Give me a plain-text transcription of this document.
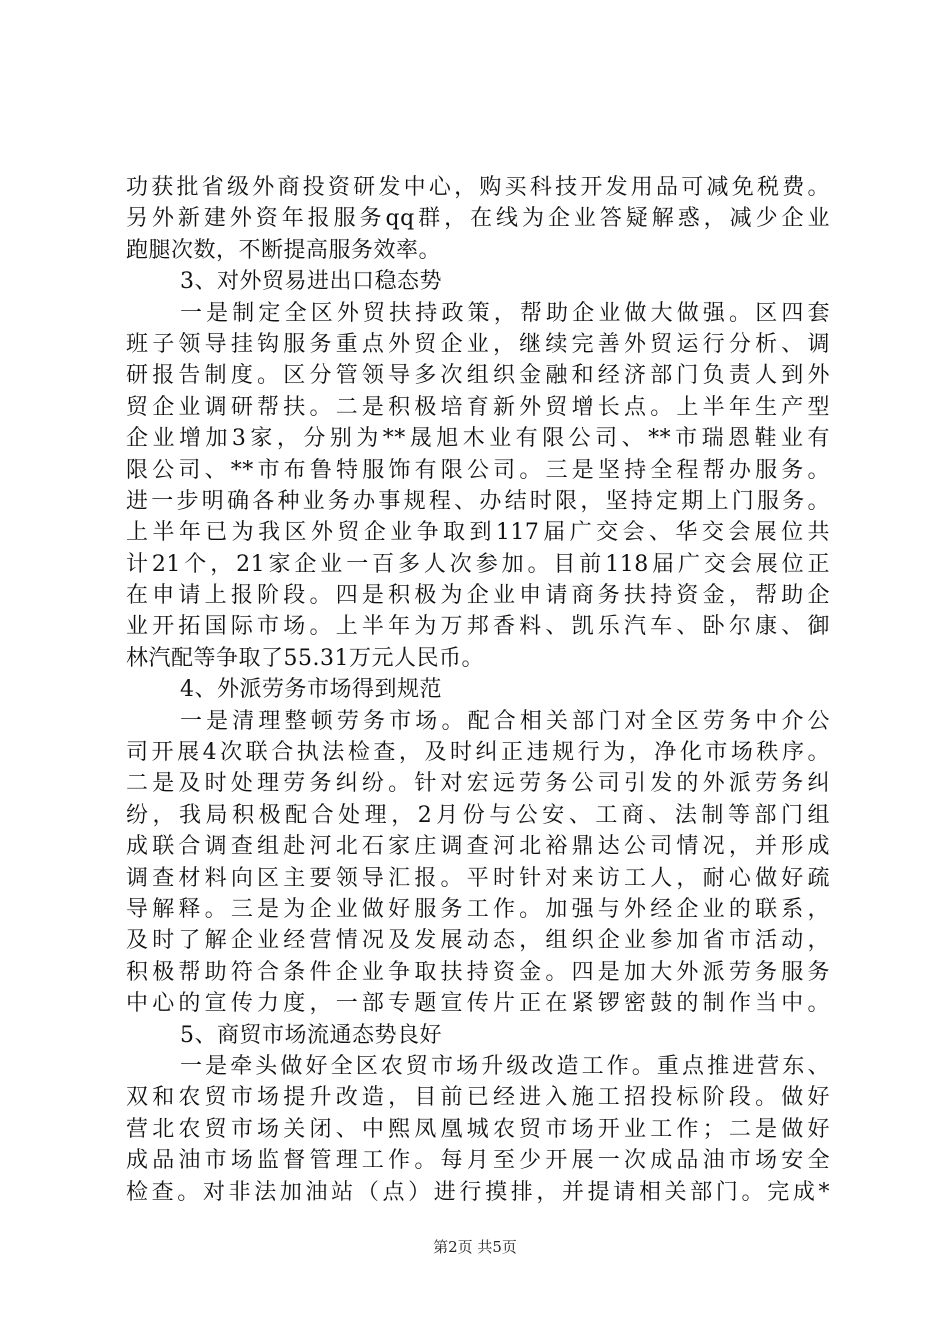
功获批省级外商投资研发中心，购买科技开发用品可减免税费。
另外新建外资年报服务qq群，在线为企业答疑解惑，减少企业
跑腿次数，不断提高服务效率。
3、对外贸易进出口稳态势
一是制定全区外贸扶持政策，帮助企业做大做强。区四套
班子领导挂钩服务重点外贸企业，继续完善外贸运行分析、调
研报告制度。区分管领导多次组织金融和经济部门负责人到外
贸企业调研帮扶。二是积极培育新外贸增长点。上半年生产型
企业增加3家，分别为**晟旭木业有限公司、**市瑞恩鞋业有
限公司、**市布鲁特服饰有限公司。三是坚持全程帮办服务。
进一步明确各种业务办事规程、办结时限，坚持定期上门服务。
上半年已为我区外贸企业争取到117届广交会、华交会展位共
计21个，21家企业一百多人次参加。目前118届广交会展位正
在申请上报阶段。四是积极为企业申请商务扶持资金，帮助企
业开拓国际市场。上半年为万邦香料、凯乐汽车、卧尔康、御
林汽配等争取了55.31万元人民币。
4、外派劳务市场得到规范
一是清理整顿劳务市场。配合相关部门对全区劳务中介公
司开展4次联合执法检查，及时纠正违规行为，净化市场秩序。
二是及时处理劳务纠纷。针对宏远劳务公司引发的外派劳务纠
纷，我局积极配合处理，2月份与公安、工商、法制等部门组
成联合调查组赴河北石家庄调查河北裕鼎达公司情况，并形成
调查材料向区主要领导汇报。平时针对来访工人，耐心做好疏
导解释。三是为企业做好服务工作。加强与外经企业的联系，
及时了解企业经营情况及发展动态，组织企业参加省市活动，
积极帮助符合条件企业争取扶持资金。四是加大外派劳务服务
中心的宣传力度，一部专题宣传片正在紧锣密鼓的制作当中。
5、商贸市场流通态势良好
一是牵头做好全区农贸市场升级改造工作。重点推进营东、
双和农贸市场提升改造，目前已经进入施工招投标阶段。做好
营北农贸市场关闭、中熙凤凰城农贸市场开业工作；二是做好
成品油市场监督管理工作。每月至少开展一次成品油市场安全
检查。对非法加油站（点）进行摸排，并提请相关部门。完成*
第2页 共5页
